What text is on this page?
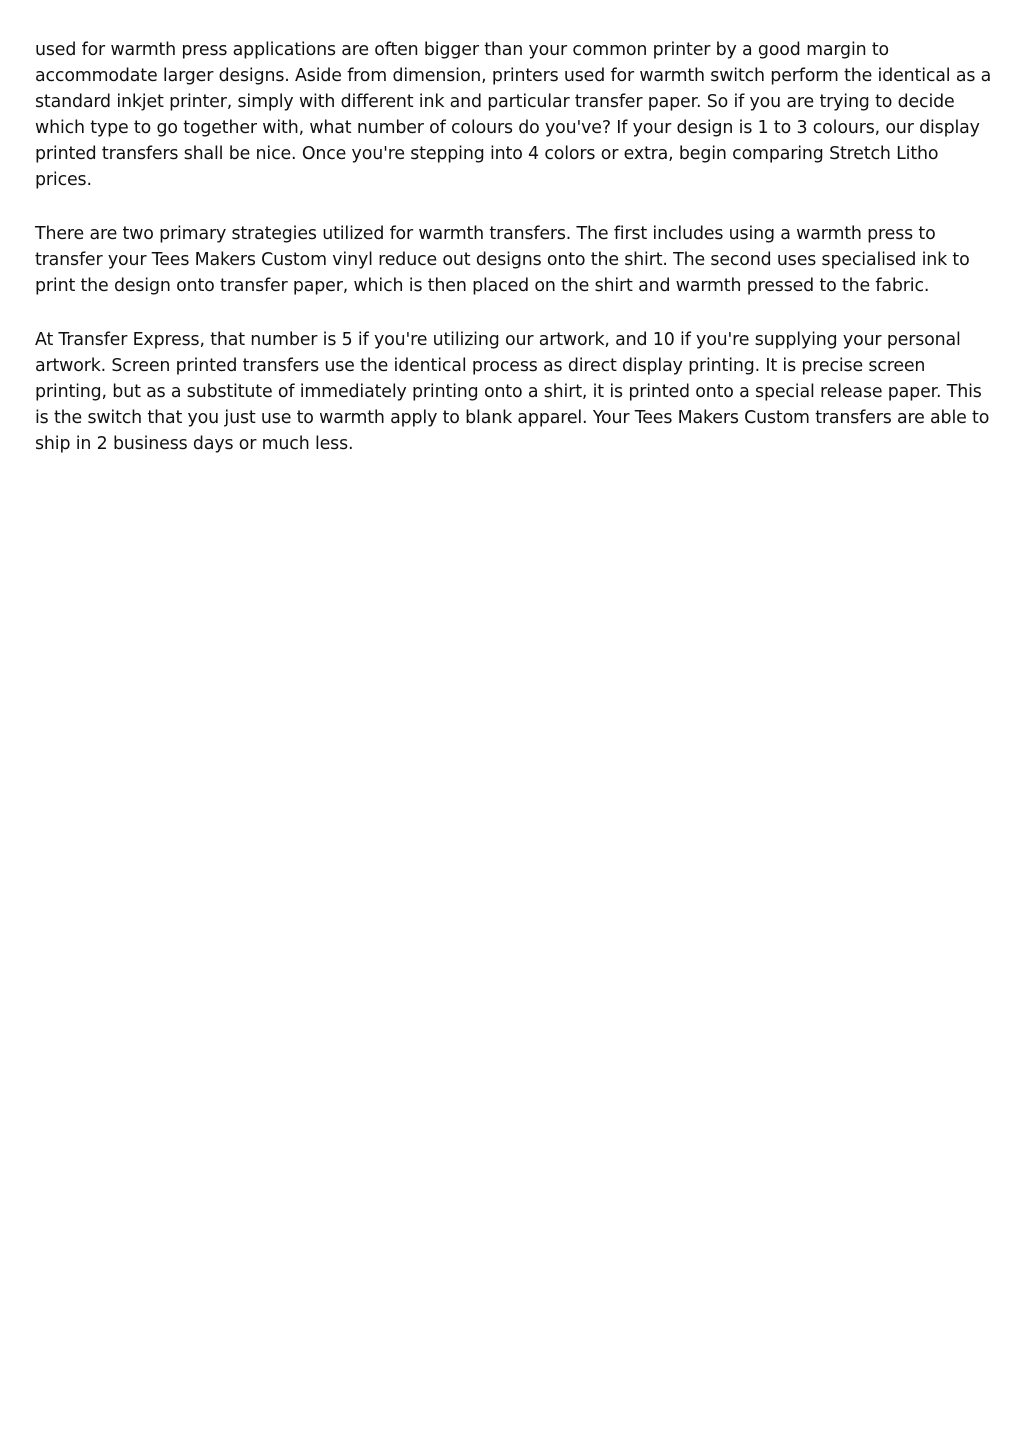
used for warmth press applications are often bigger than your common printer by a good margin to accommodate larger designs. Aside from dimension, printers used for warmth switch perform the identical as a standard inkjet printer, simply with different ink and particular transfer paper. So if you are trying to decide which type to go together with, what number of colours do you've? If your design is 1 to 3 colours, our display printed transfers shall be nice. Once you're stepping into 4 colors or extra, begin comparing Stretch Litho prices.

There are two primary strategies utilized for warmth transfers. The first includes using a warmth press to transfer your Tees Makers Custom vinyl reduce out designs onto the shirt. The second uses specialised ink to print the design onto transfer paper, which is then placed on the shirt and warmth pressed to the fabric.

At Transfer Express, that number is 5 if you're utilizing our artwork, and 10 if you're supplying your personal artwork. Screen printed transfers use the identical process as direct display printing. It is precise screen printing, but as a substitute of immediately printing onto a shirt, it is printed onto a special release paper. This is the switch that you just use to warmth apply to blank apparel. Your Tees Makers Custom transfers are able to ship in 2 business days or much less.
